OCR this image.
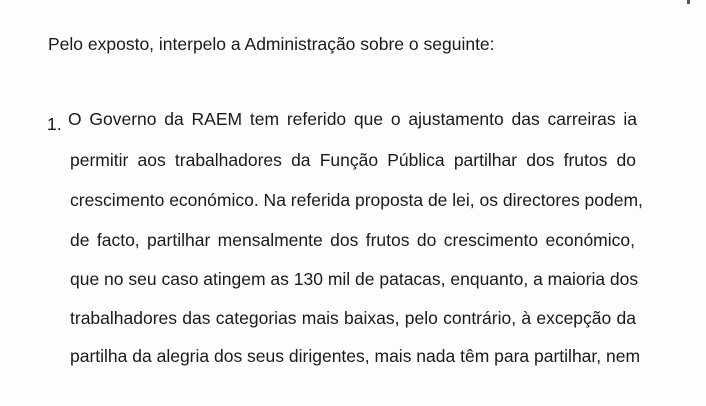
Pelo exposto, interpelo a Administração sobre o seguinte:
1. O Governo da RAEM tem referido que o ajustamento das carreiras ia
permitir aos trabalhadores da Função Pública partilhar dos frutos do
crescimento económico. Na referida proposta de lei, os directores podem,
de facto, partilhar mensalmente dos frutos do crescimento económico,
que no seu caso atingem as 130 mil de patacas, enquanto, a maioria dos
trabalhadores das categorias mais baixas, pelo contrário, à excepção da
partilha da alegria dos seus dirigentes, mais nada têm para partilhar, nem
